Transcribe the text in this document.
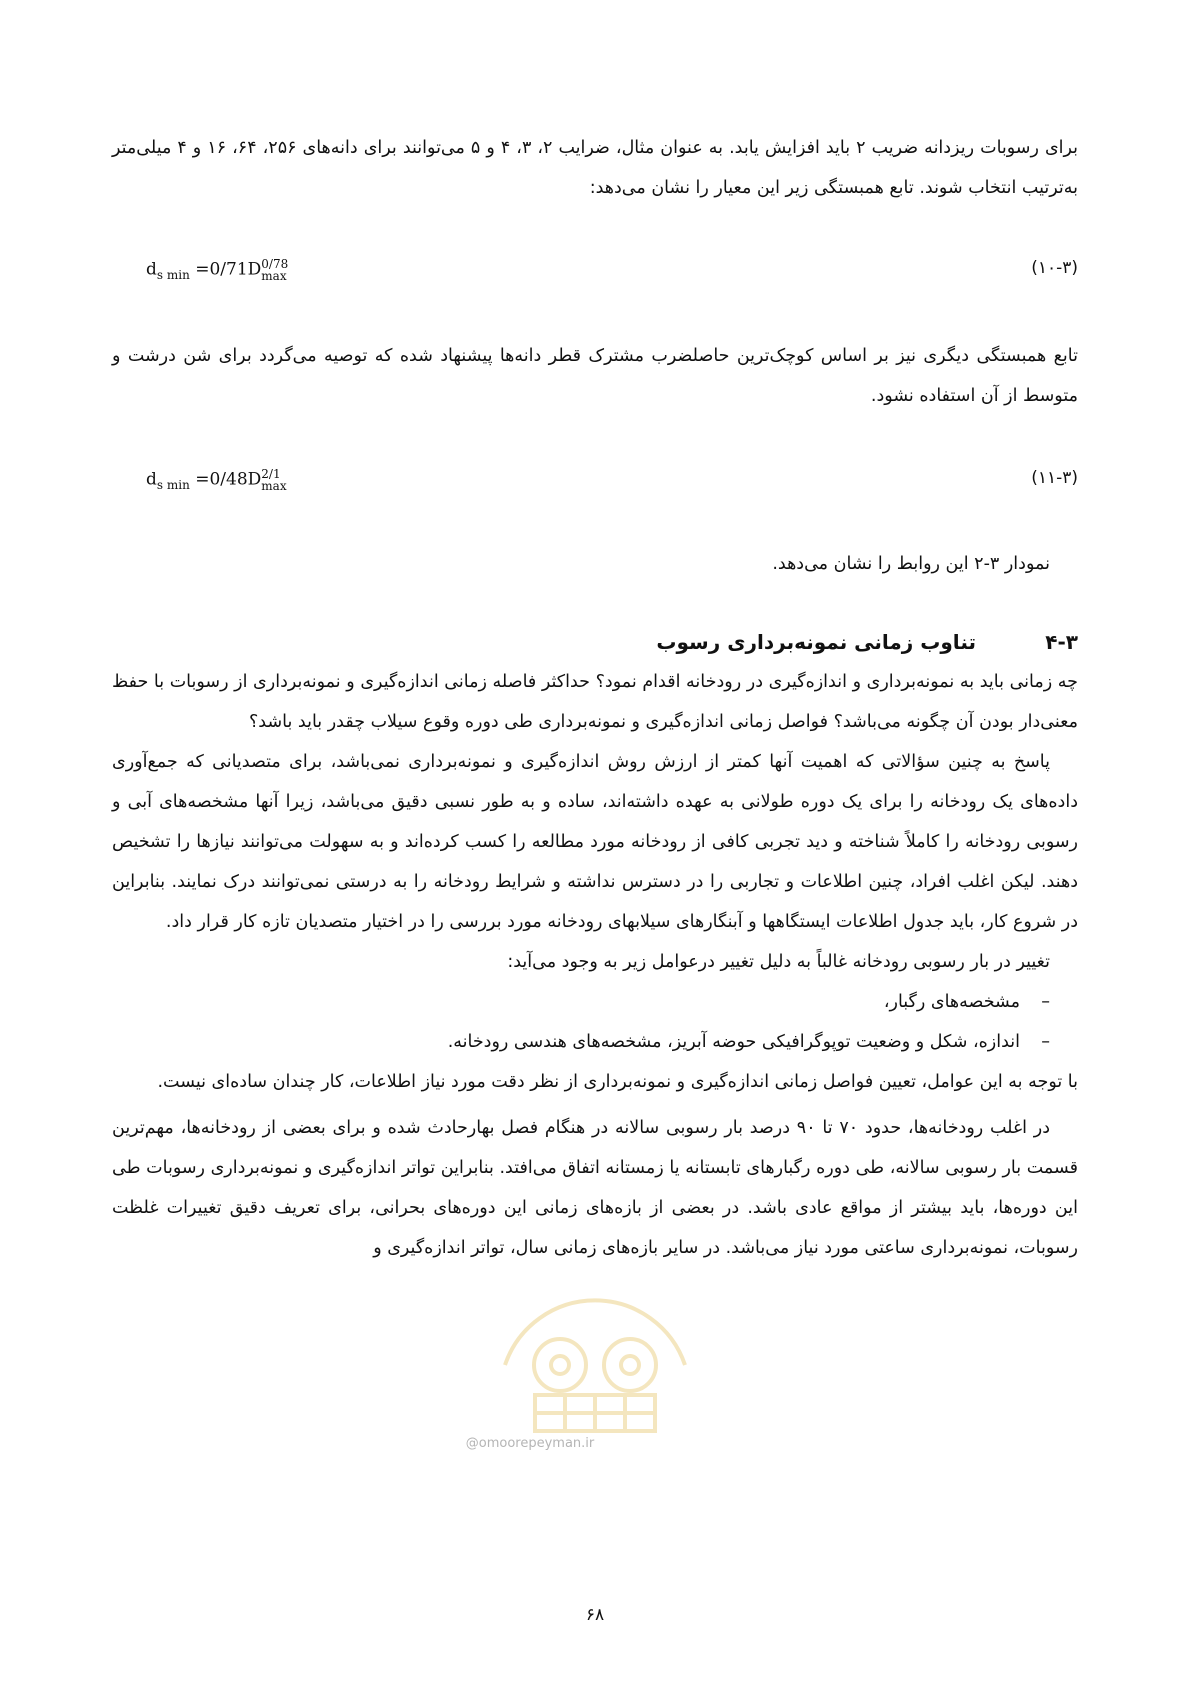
برای رسوبات ریزدانه ضریب ۲ باید افزایش یابد. به عنوان مثال، ضرایب ۲، ۳، ۴ و ۵ می‌توانند برای دانه‌های ۲۵۶، ۶۴، ۱۶ و ۴ میلی‌متر به‌ترتیب انتخاب شوند. تابع همبستگی زیر این معیار را نشان می‌دهد:

$d_{s min} =0/71D$ 0/78
max	(۱۰-۳)

تابع همبستگی دیگری نیز بر اساس کوچک‌ترین حاصلضرب مشترک قطر دانه‌ها پیشنهاد شده که توصیه می‌گردد برای شن درشت و متوسط از آن استفاده نشود.

$d_{s min} =0/48D$ 2/1
max	(۱۱-۳)

نمودار ۳-۲ این روابط را نشان می‌دهد.

۴-۳
تناوب زمانی نمونه‌برداری رسوب

چه زمانی باید به نمونه‌برداری و اندازه‌گیری در رودخانه اقدام نمود؟ حداکثر فاصله زمانی اندازه‌گیری و نمونه‌برداری از رسوبات با حفظ معنی‌دار بودن آن چگونه می‌باشد؟ فواصل زمانی اندازه‌گیری و نمونه‌برداری طی دوره وقوع سیلاب چقدر باید باشد؟

پاسخ به چنین سؤالاتی که اهمیت آنها کمتر از ارزش روش اندازه‌گیری و نمونه‌برداری نمی‌باشد، برای متصدیانی که جمع‌آوری داده‌های یک رودخانه را برای یک دوره طولانی به عهده داشته‌اند، ساده و به طور نسبی دقیق می‌باشد، زیرا آنها مشخصه‌های آبی و رسوبی رودخانه را کاملاً شناخته و دید تجربی کافی از رودخانه مورد مطالعه را کسب کرده‌اند و به سهولت می‌توانند نیازها را تشخیص دهند. لیکن اغلب افراد، چنین اطلاعات و تجاربی را در دسترس نداشته و شرایط رودخانه را به درستی نمی‌توانند درک نمایند. بنابراین در شروع کار، باید جدول اطلاعات ایستگاهها و آبنگارهای سیلابهای رودخانه مورد بررسی را در اختیار متصدیان تازه کار قرار داد.

تغییر در بار رسوبی رودخانه غالباً به دلیل تغییر درعوامل زیر به وجود می‌آید:

–مشخصه‌های رگبار،

–اندازه، شکل و وضعیت توپوگرافیکی حوضه آبریز، مشخصه‌های هندسی رودخانه.

با توجه به این عوامل، تعیین فواصل زمانی اندازه‌گیری و نمونه‌برداری از نظر دقت مورد نیاز اطلاعات، کار چندان ساده‌ای نیست.

در اغلب رودخانه‌ها، حدود ۷۰ تا ۹۰ درصد بار رسوبی سالانه در هنگام فصل بهارحادث شده و برای بعضی از رودخانه‌ها، مهم‌ترین قسمت بار رسوبی سالانه، طی دوره رگبارهای تابستانه یا زمستانه اتفاق می‌افتد. بنابراین تواتر اندازه‌گیری و نمونه‌برداری رسوبات طی این دوره‌ها، باید بیشتر از مواقع عادی باشد. در بعضی از بازه‌های زمانی این دوره‌های بحرانی، برای تعریف دقیق تغییرات غلظت رسوبات، نمونه‌برداری ساعتی مورد نیاز می‌باشد. در سایر بازه‌های زمانی سال، تواتر اندازه‌گیری و

@omoorepeyman.ir
۶۸
